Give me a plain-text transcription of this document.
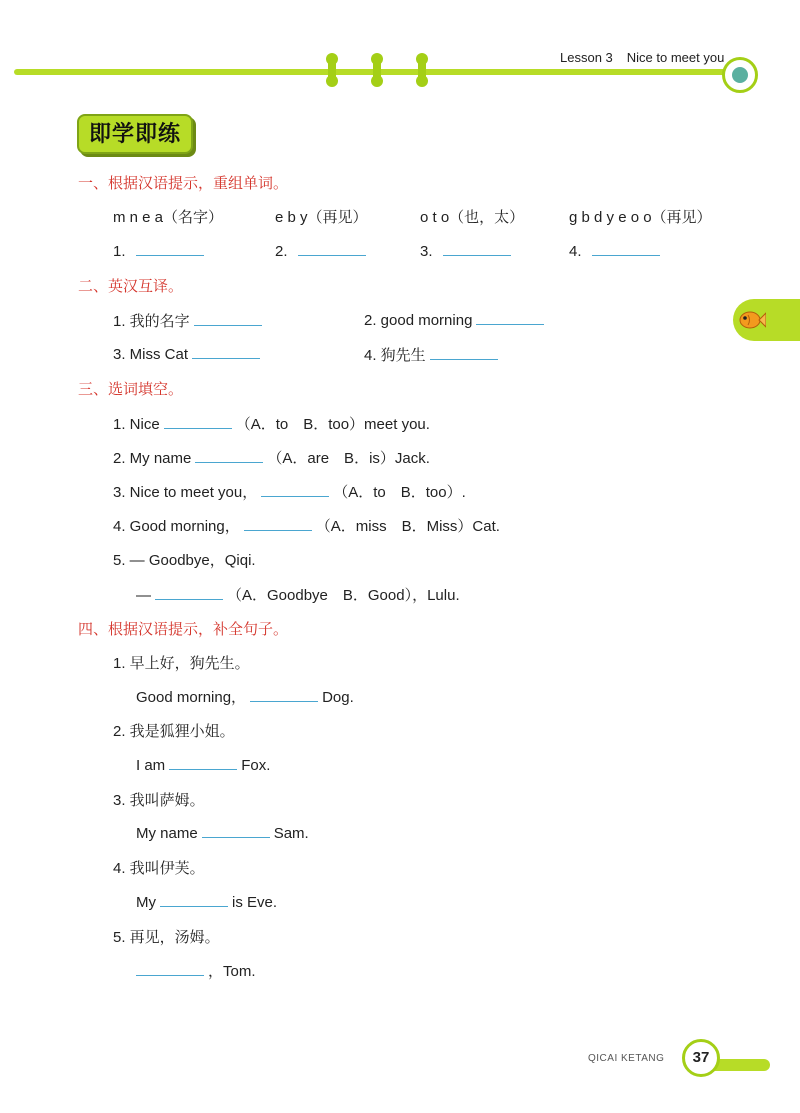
Lesson 3 Nice to meet you
即学即练
一、根据汉语提示，重组单词。
m n e a（名字）	e b y（再见）	o t o（也，太）	g b d y e o o（再见）
1.	2.	3.	4.
二、英汉互译。
1. 我的名字	2. good morning
3. Miss Cat	4. 狗先生
三、选词填空。
1. Nice	（A．to　B．too）meet you.
2. My name	（A．are　B．is）Jack.
3. Nice to meet you，	（A．to　B．too）.
4. Good morning，	（A．miss　B．Miss）Cat.
5. — Goodbye，Qiqi.
—	（A．Goodbye　B．Good），Lulu.
四、根据汉语提示，补全句子。
1. 早上好，狗先生。
Good morning，	Dog.
2. 我是狐狸小姐。
I am	Fox.
3. 我叫萨姆。
My name	Sam.
4. 我叫伊芙。
My	is Eve.
5. 再见，汤姆。
，Tom.
QICAI KETANG	37
